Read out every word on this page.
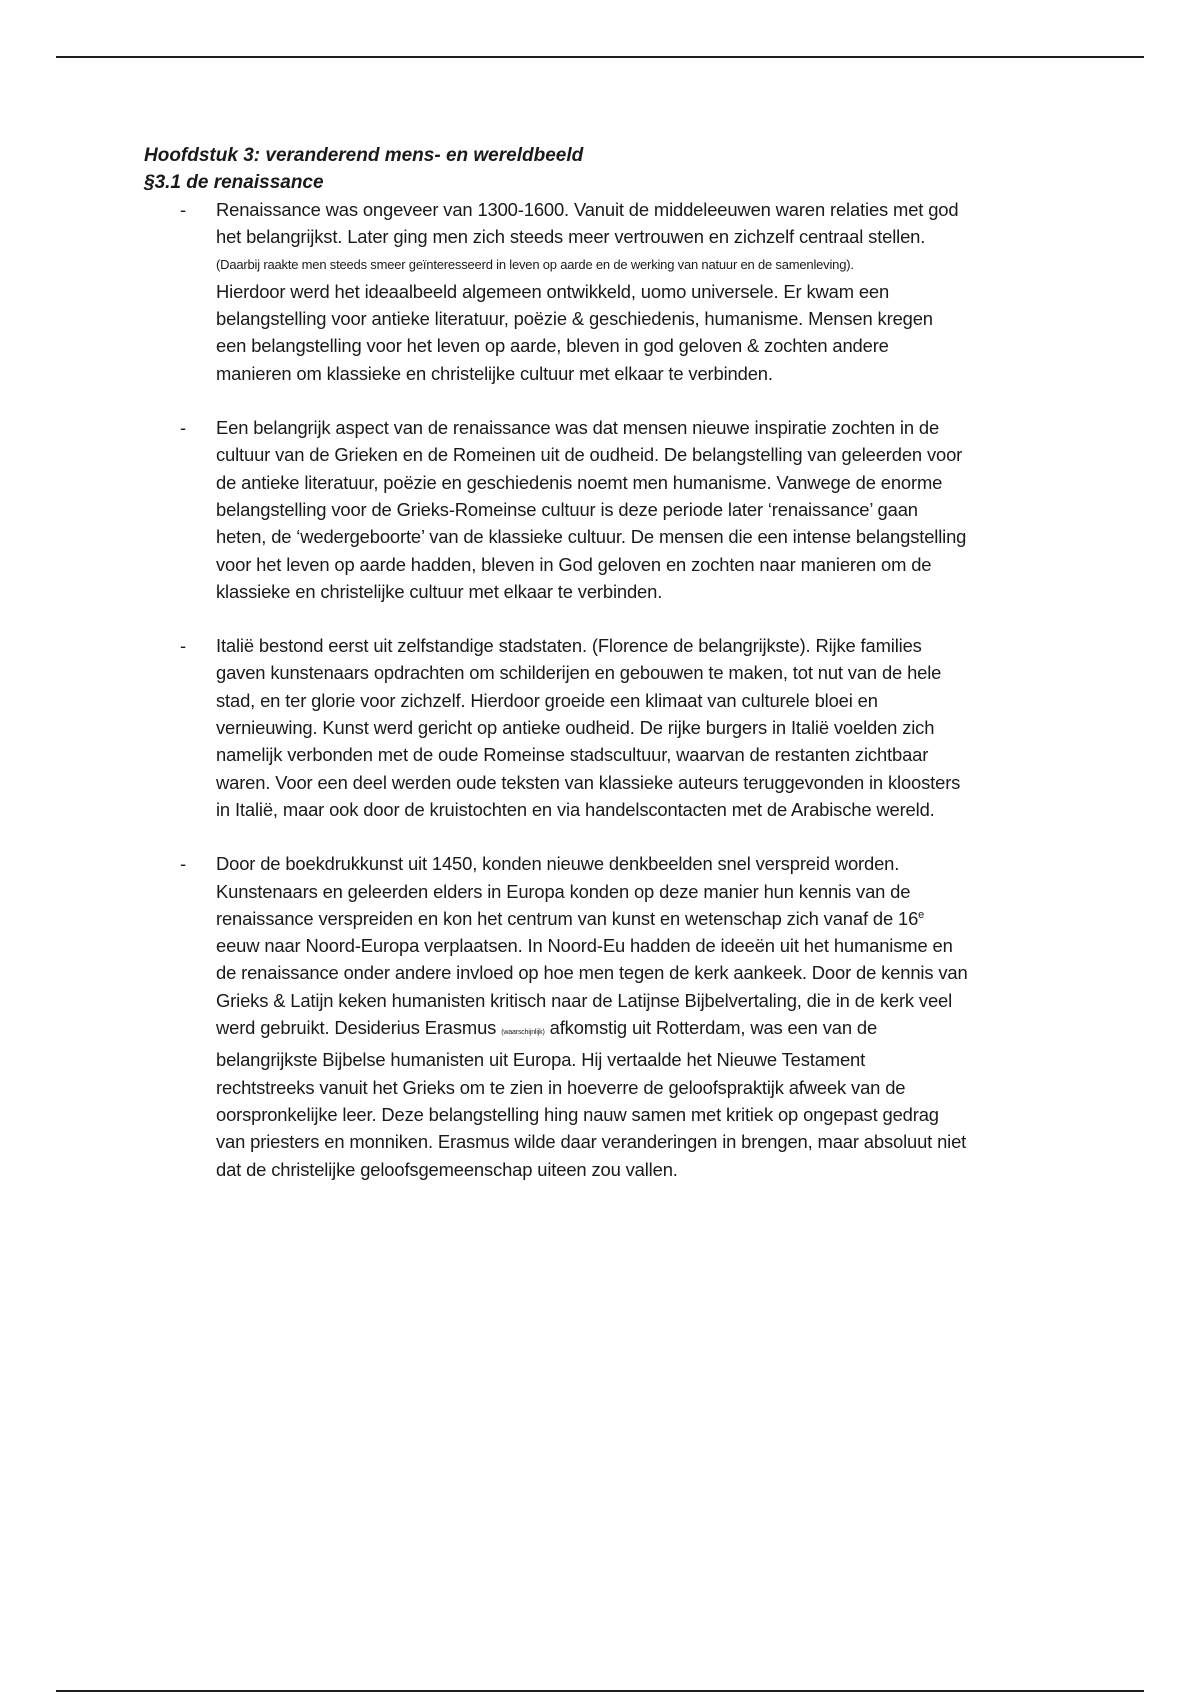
Hoofdstuk 3: veranderend mens- en wereldbeeld

§3.1 de renaissance

- Renaissance was ongeveer van 1300-1600. Vanuit de middeleeuwen waren relaties met god
het belangrijkst. Later ging men zich steeds meer vertrouwen en zichzelf centraal stellen.
(Daarbij raakte men steeds smeer geïnteresseerd in leven op aarde en de werking van natuur en de samenleving).
Hierdoor werd het ideaalbeeld algemeen ontwikkeld, uomo universele. Er kwam een
belangstelling voor antieke literatuur, poëzie & geschiedenis, humanisme. Mensen kregen
een belangstelling voor het leven op aarde, bleven in god geloven & zochten andere
manieren om klassieke en christelijke cultuur met elkaar te verbinden.
- Een belangrijk aspect van de renaissance was dat mensen nieuwe inspiratie zochten in de
cultuur van de Grieken en de Romeinen uit de oudheid. De belangstelling van geleerden voor
de antieke literatuur, poëzie en geschiedenis noemt men humanisme. Vanwege de enorme
belangstelling voor de Grieks-Romeinse cultuur is deze periode later ‘renaissance’ gaan
heten, de ‘wedergeboorte’ van de klassieke cultuur. De mensen die een intense belangstelling
voor het leven op aarde hadden, bleven in God geloven en zochten naar manieren om de
klassieke en christelijke cultuur met elkaar te verbinden.
- Italië bestond eerst uit zelfstandige stadstaten. (Florence de belangrijkste). Rijke families
gaven kunstenaars opdrachten om schilderijen en gebouwen te maken, tot nut van de hele
stad, en ter glorie voor zichzelf. Hierdoor groeide een klimaat van culturele bloei en
vernieuwing. Kunst werd gericht op antieke oudheid. De rijke burgers in Italië voelden zich
namelijk verbonden met de oude Romeinse stadscultuur, waarvan de restanten zichtbaar
waren. Voor een deel werden oude teksten van klassieke auteurs teruggevonden in kloosters
in Italië, maar ook door de kruistochten en via handelscontacten met de Arabische wereld.
- Door de boekdrukkunst uit 1450, konden nieuwe denkbeelden snel verspreid worden.
Kunstenaars en geleerden elders in Europa konden op deze manier hun kennis van de
renaissance verspreiden en kon het centrum van kunst en wetenschap zich vanaf de 16e
eeuw naar Noord-Europa verplaatsen. In Noord-Eu hadden de ideeën uit het humanisme en
de renaissance onder andere invloed op hoe men tegen de kerk aankeek. Door de kennis van
Grieks & Latijn keken humanisten kritisch naar de Latijnse Bijbelvertaling, die in de kerk veel
werd gebruikt. Desiderius Erasmus (waarschijnlijk) afkomstig uit Rotterdam, was een van de
belangrijkste Bijbelse humanisten uit Europa. Hij vertaalde het Nieuwe Testament
rechtstreeks vanuit het Grieks om te zien in hoeverre de geloofspraktijk afweek van de
oorspronkelijke leer. Deze belangstelling hing nauw samen met kritiek op ongepast gedrag
van priesters en monniken. Erasmus wilde daar veranderingen in brengen, maar absoluut niet
dat de christelijke geloofsgemeenschap uiteen zou vallen.
